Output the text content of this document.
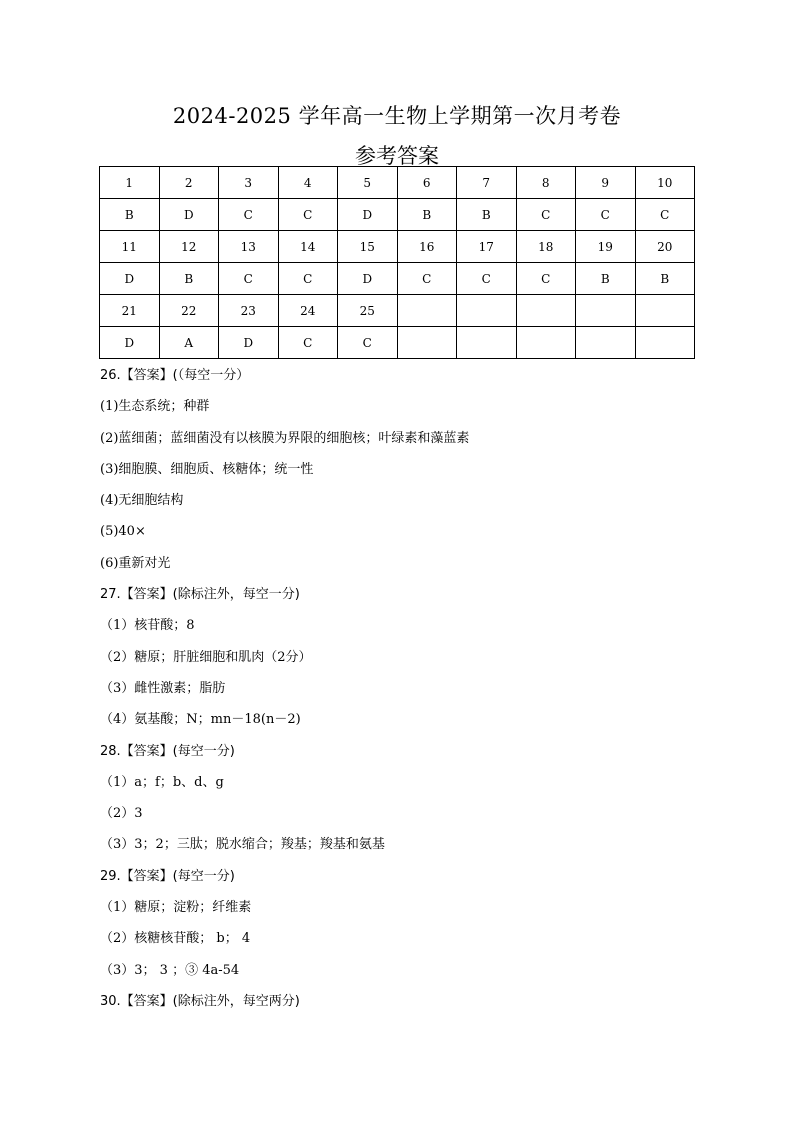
2024-2025 学年高一生物上学期第一次月考卷
参考答案
1	2	3	4	5	6	7	8	9	10
B	D	C	C	D	B	B	C	C	C
11	12	13	14	15	16	17	18	19	20
D	B	C	C	D	C	C	C	B	B
21	22	23	24	25					
D	A	D	C	C					
26.【答案】(（每空一分）
(1)生态系统；种群
(2)蓝细菌；蓝细菌没有以核膜为界限的细胞核；叶绿素和藻蓝素
(3)细胞膜、细胞质、核糖体；统一性
(4)无细胞结构
(5)40×
(6)重新对光
27.【答案】(除标注外，每空一分)
（1）核苷酸；8
（2）糖原；肝脏细胞和肌肉（2分）
（3）雌性激素；脂肪
（4）氨基酸；N；mn－18(n－2)
28.【答案】(每空一分)
（1）a；f；b、d、g
（2）3
（3）3；2；三肽；脱水缩合；羧基；羧基和氨基
29.【答案】(每空一分)
（1）糖原；淀粉；纤维素
（2）核糖核苷酸； b； 4
（3）3； 3 ；③ 4a-54
30.【答案】(除标注外，每空两分)
